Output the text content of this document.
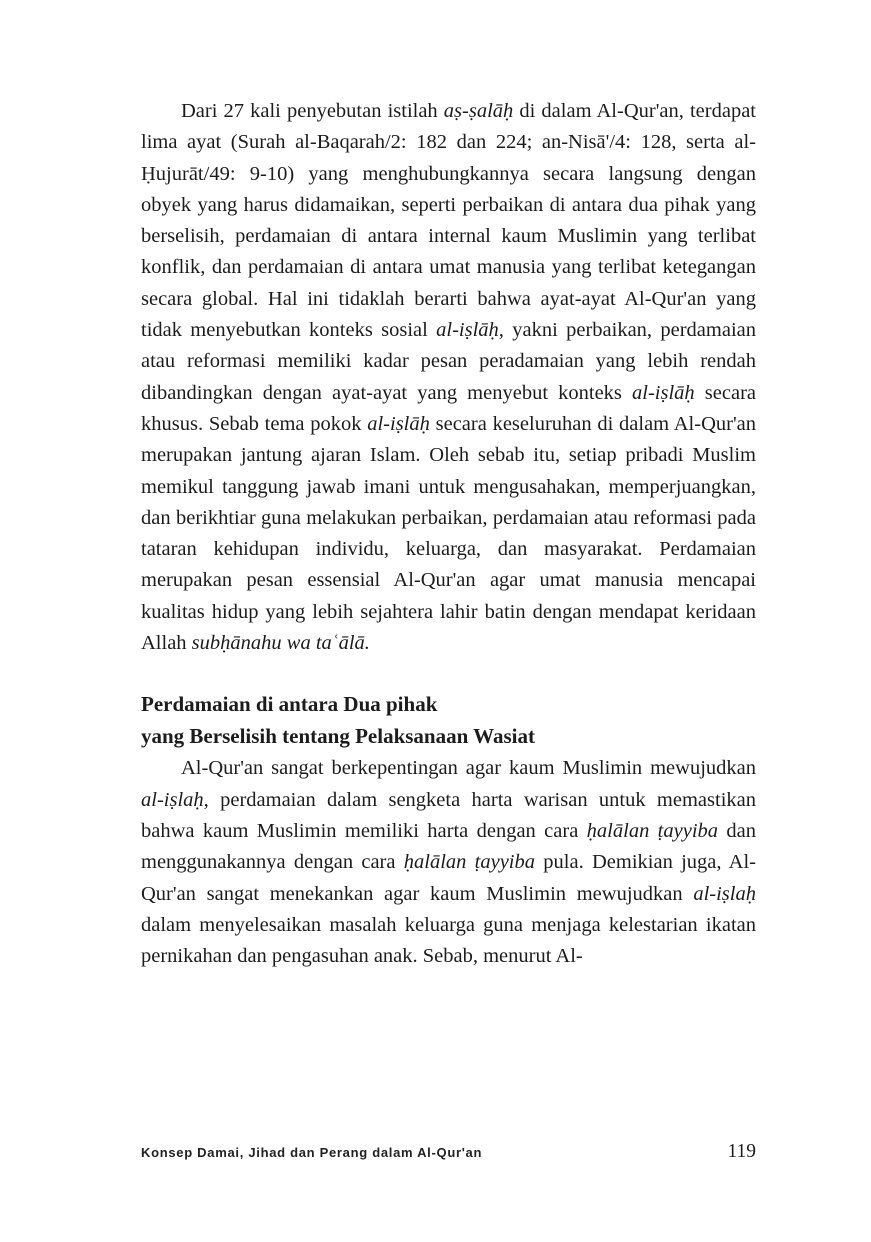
Dari 27 kali penyebutan istilah aṣ-ṣalāḥ di dalam Al-Qur'an, terdapat lima ayat (Surah al-Baqarah/2: 182 dan 224; an-Nisā'/4: 128, serta al-Ḥujurāt/49: 9-10) yang menghubungkannya secara langsung dengan obyek yang harus didamaikan, seperti perbaikan di antara dua pihak yang berselisih, perdamaian di antara internal kaum Muslimin yang terlibat konflik, dan perdamaian di antara umat manusia yang terlibat ketegangan secara global. Hal ini tidaklah berarti bahwa ayat-ayat Al-Qur'an yang tidak menyebutkan konteks sosial al-iṣlāḥ, yakni perbaikan, perdamaian atau reformasi memiliki kadar pesan peradamaian yang lebih rendah dibandingkan dengan ayat-ayat yang menyebut konteks al-iṣlāḥ secara khusus. Sebab tema pokok al-iṣlāḥ secara keseluruhan di dalam Al-Qur'an merupakan jantung ajaran Islam. Oleh sebab itu, setiap pribadi Muslim memikul tanggung jawab imani untuk mengusahakan, memperjuangkan, dan berikhtiar guna melakukan perbaikan, perdamaian atau reformasi pada tataran kehidupan individu, keluarga, dan masyarakat. Perdamaian merupakan pesan essensial Al-Qur'an agar umat manusia mencapai kualitas hidup yang lebih sejahtera lahir batin dengan mendapat keridaan Allah subḥānahu wa taʿālā.

Perdamaian di antara Dua pihak
yang Berselisih tentang Pelaksanaan Wasiat

Al-Qur'an sangat berkepentingan agar kaum Muslimin mewujudkan al-iṣlaḥ, perdamaian dalam sengketa harta warisan untuk memastikan bahwa kaum Muslimin memiliki harta dengan cara ḥalālan ṭayyiba dan menggunakannya dengan cara ḥalālan ṭayyiba pula. Demikian juga, Al-Qur'an sangat menekankan agar kaum Muslimin mewujudkan al-iṣlaḥ dalam menyelesaikan masalah keluarga guna menjaga kelestarian ikatan pernikahan dan pengasuhan anak. Sebab, menurut Al-

Konsep Damai, Jihad dan Perang dalam Al-Qur'an	119
